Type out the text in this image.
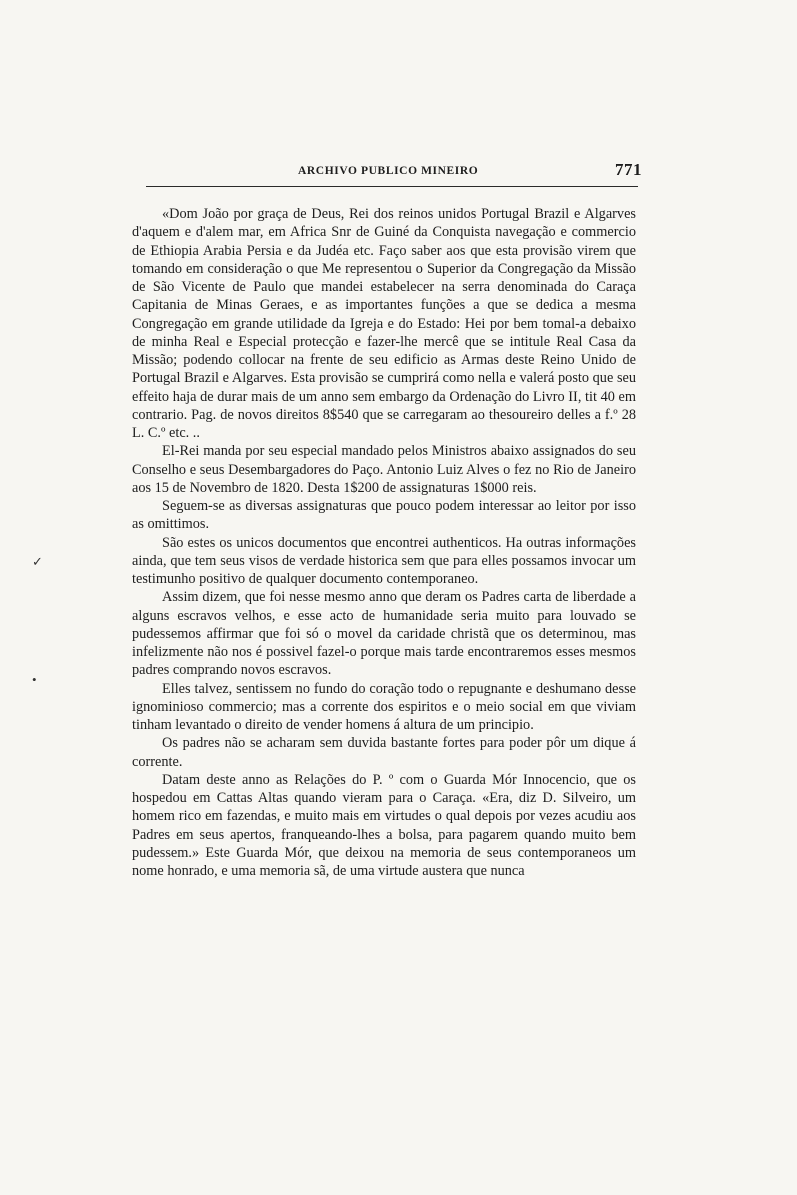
ARCHIVO PUBLICO MINEIRO	771
✓
•

«Dom João por graça de Deus, Rei dos reinos unidos Portugal Brazil e Algarves d'aquem e d'alem mar, em Africa Snr de Guiné da Conquista navegação e commercio de Ethiopia Arabia Persia e da Judéa etc. Faço saber aos que esta provisão virem que tomando em consideração o que Me representou o Superior da Congregação da Missão de São Vicente de Paulo que mandei estabelecer na serra denominada do Caraça Capitania de Minas Geraes, e as importantes funções a que se dedica a mesma Congregação em grande utilidade da Igreja e do Estado: Hei por bem tomal-a debaixo de minha Real e Especial protecção e fazer-lhe mercê que se intitule Real Casa da Missão; podendo collocar na frente de seu edificio as Armas deste Reino Unido de Portugal Brazil e Algarves. Esta provisão se cumprirá como nella e valerá posto que seu effeito haja de durar mais de um anno sem embargo da Ordenação do Livro II, tit 40 em contrario. Pag. de novos direitos 8$540 que se carregaram ao thesoureiro delles a f.º 28 L. C.º etc. ..

El-Rei manda por seu especial mandado pelos Ministros abaixo assignados do seu Conselho e seus Desembargadores do Paço. Antonio Luiz Alves o fez no Rio de Janeiro aos 15 de Novembro de 1820. Desta 1$200 de assignaturas 1$000 reis.

Seguem-se as diversas assignaturas que pouco podem interessar ao leitor por isso as omittimos.

São estes os unicos documentos que encontrei authenticos. Ha outras informações ainda, que tem seus visos de verdade historica sem que para elles possamos invocar um testimunho positivo de qualquer documento contemporaneo.

Assim dizem, que foi nesse mesmo anno que deram os Padres carta de liberdade a alguns escravos velhos, e esse acto de humanidade seria muito para louvado se pudessemos affirmar que foi só o movel da caridade christã que os determinou, mas infelizmente não nos é possivel fazel-o porque mais tarde encontraremos esses mesmos padres comprando novos escravos.

Elles talvez, sentissem no fundo do coração todo o repugnante e deshumano desse ignominioso commercio; mas a corrente dos espiritos e o meio social em que viviam tinham levantado o direito de vender homens á altura de um principio.

Os padres não se acharam sem duvida bastante fortes para poder pôr um dique á corrente.

Datam deste anno as Relações do P. º com o Guarda Mór Innocencio, que os hospedou em Cattas Altas quando vieram para o Caraça. «Era, diz D. Silveiro, um homem rico em fazendas, e muito mais em virtudes o qual depois por vezes acudiu aos Padres em seus apertos, franqueando-lhes a bolsa, para pagarem quando muito bem pudessem.» Este Guarda Mór, que deixou na memoria de seus contemporaneos um nome honrado, e uma memoria sã, de uma virtude austera que nunca
